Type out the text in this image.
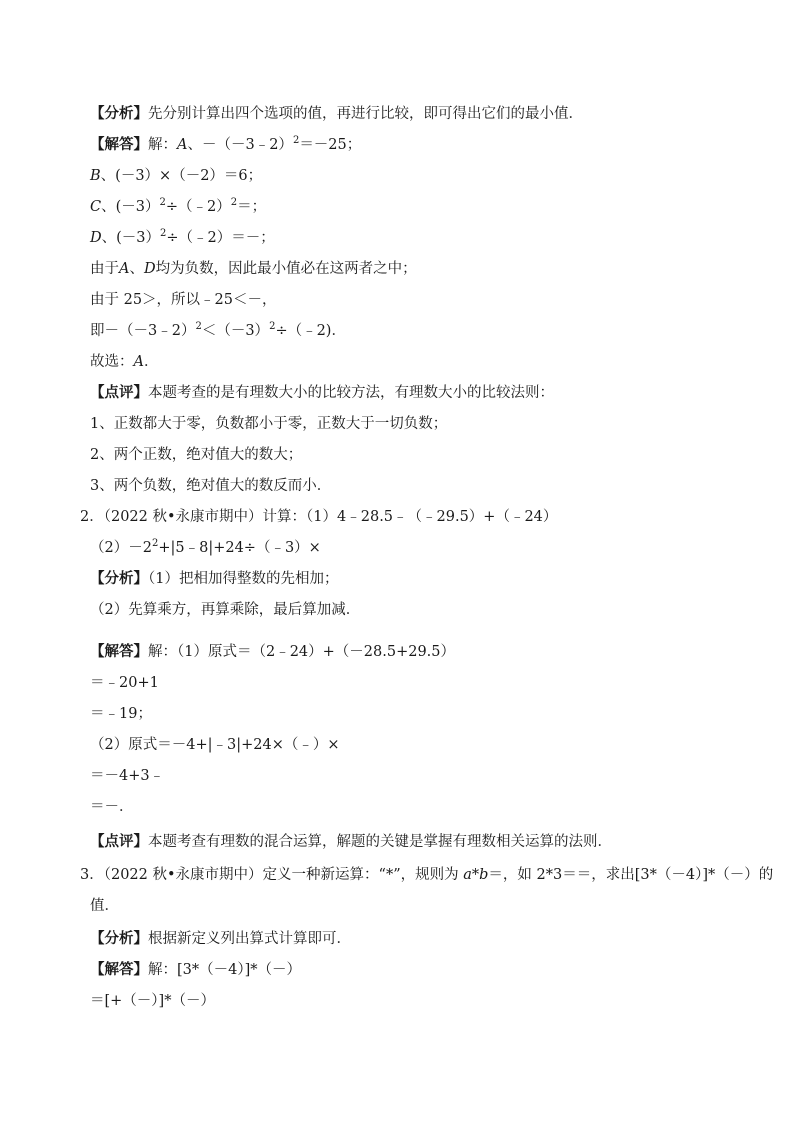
【分析】先分别计算出四个选项的值，再进行比较，即可得出它们的最小值．
【解答】解：A、－（－3﹣2）$^2$＝－25；
B、(－3）×（－2）＝6；
C、(－3）$^2$÷（﹣2）$^2$＝；
D、(－3）$^2$÷（﹣2）＝－；
由于A、D均为负数，因此最小值必在这两者之中；
由于 25＞，所以﹣25＜－，
即$-(-3﹣2)^2<(-3)^2\div(﹣2)$．
故选：A．
【点评】本题考查的是有理数大小的比较方法，有理数大小的比较法则：
1、正数都大于零，负数都小于零，正数大于一切负数；
2、两个正数，绝对值大的数大；
3、两个负数，绝对值大的数反而小．
2．（2022 秋•永康市期中）计算：（1）4﹣28.5﹣（﹣29.5）+（﹣24）
$(2)-2^2+|5﹣8|+24\div(﹣3)\times$
【分析】（1）把相加得整数的先相加；
（2）先算乘方，再算乘除，最后算加减．
【解答】解：（1）原式＝（2﹣24）+（－28.5+29.5）
＝﹣20+1
＝﹣19；
（2）原式＝－4+|﹣3|+24×（﹣）×
＝－4+3﹣
＝－．
【点评】本题考查有理数的混合运算，解题的关键是掌握有理数相关运算的法则．
3．（2022 秋•永康市期中）定义一种新运算：“*”，规则为 a*b＝，如 2*3＝＝，求出[3*（－4）]*（－）的
值．
【分析】根据新定义列出算式计算即可．
【解答】解：[3*（－4）]*（－）
＝[+（－）]*（－）
